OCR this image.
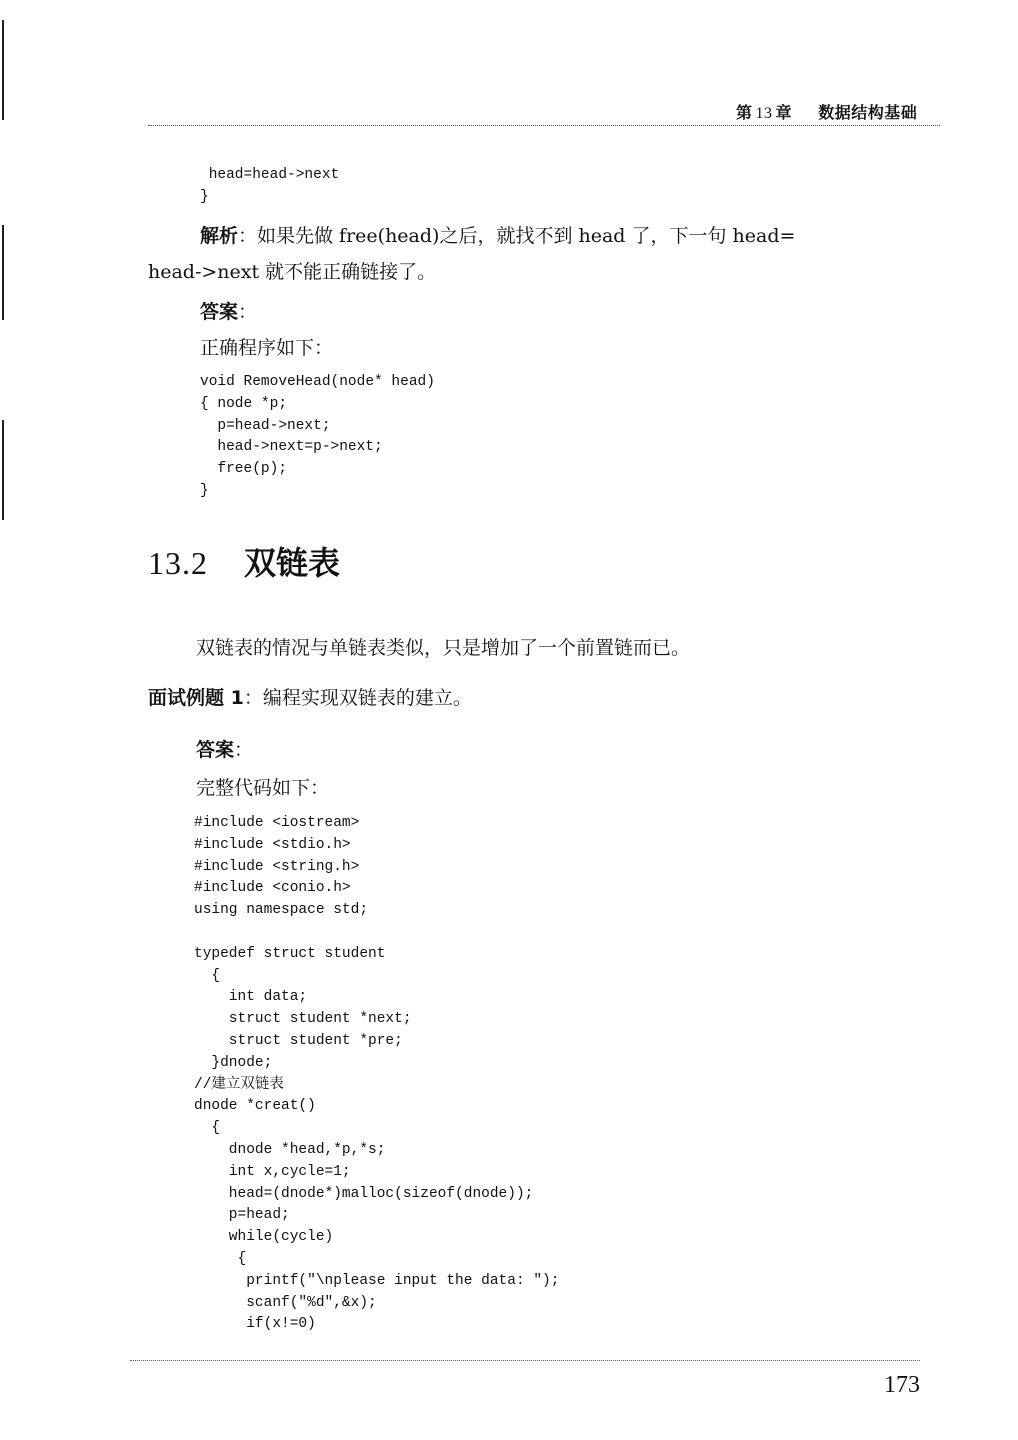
第 13 章 数据结构基础
head=head->next
}
解析：如果先做 free(head)之后，就找不到 head 了，下一句 head=
head->next 就不能正确链接了。
答案：
正确程序如下：
void RemoveHead(node* head)
{ node *p;
p=head->next;
head->next=p->next;
free(p);
}
13.2 双链表
双链表的情况与单链表类似，只是增加了一个前置链而已。
面试例题 1：编程实现双链表的建立。
答案：
完整代码如下：
#include <iostream>
#include <stdio.h>
#include <string.h>
#include <conio.h>
using namespace std;

typedef struct student
{
int data;
struct student *next;
struct student *pre;
}dnode;
//建立双链表
dnode *creat()
{
dnode *head,*p,*s;
int x,cycle=1;
head=(dnode*)malloc(sizeof(dnode));
p=head;
while(cycle)
{
printf("\nplease input the data: ");
scanf("%d",&x);
if(x!=0)
173
